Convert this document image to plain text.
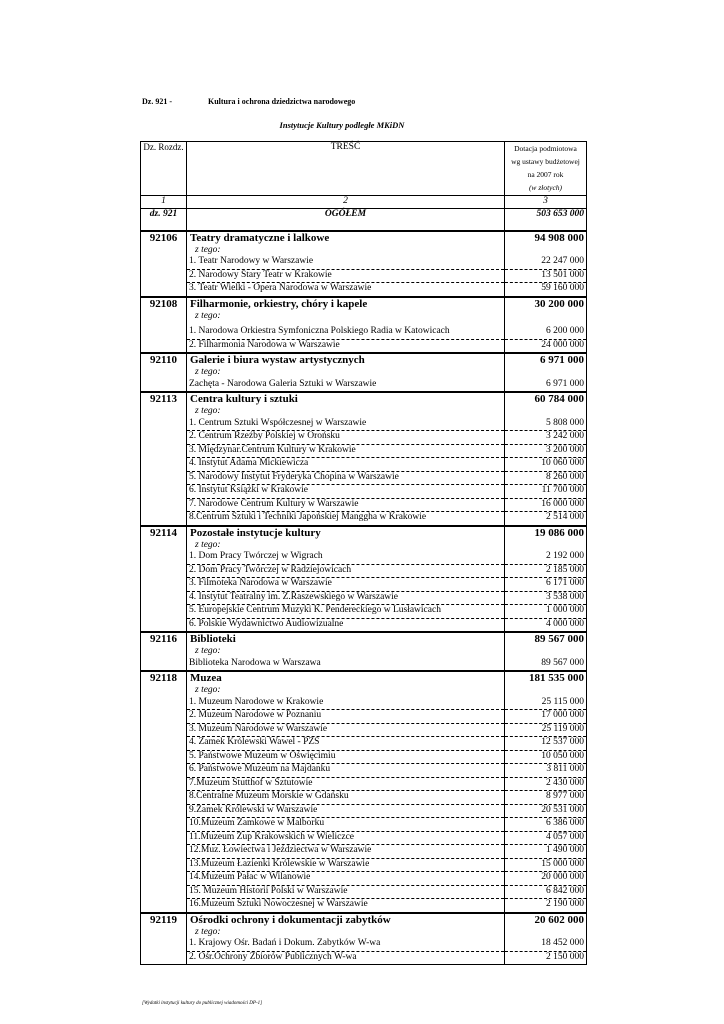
Dz. 921 -	Kultura i ochrona dziedzictwa narodowego
Instytucje Kultury podległe MKiDN
Dz. Rozdz.	TREŚĆ	Dotacja podmiotowa
wg ustawy budżetowej
na 2007 rok
(w złotych)

1	2	3
dz. 921	OGÓŁEM	503 653 000
92106	Teatry dramatyczne i lalkowe	94 908 000
	z tego:	
	1. Teatr Narodowy w Warszawie	22 247 000
	2. Narodowy Stary Teatr w Krakowie	13 501 000
	3. Teatr Wielki - Opera Narodowa w Warszawie	59 160 000
92108	Filharmonie, orkiestry, chóry i kapele	30 200 000
	z tego:	

	1. Narodowa Orkiestra Symfoniczna Polskiego Radia w Katowicach	6 200 000
	2. Filharmonia Narodowa w Warszawie	24 000 000
92110	Galerie i biura wystaw artystycznych	6 971 000
	z tego:	
	Zachęta - Narodowa Galeria Sztuki w Warszawie	6 971 000
92113	Centra kultury i sztuki	60 784 000
	z tego:	
	1. Centrum Sztuki Współczesnej w Warszawie	5 808 000
	2. Centrum Rzeźby Polskiej w Orońsku	3 242 000
	3. Międzynar.Centrum Kultury w Krakowie	3 200 000
	4. Instytut Adama Mickiewicza	10 060 000
	5. Narodowy Instytut Fryderyka Chopina w Warszawie	8 260 000
	6. Instytut Książki w Krakowie	11 700 000
	7. Narodowe Centrum Kultury w Warszawie	16 000 000
	8.Centrum Sztuki i Techniki Japońskiej Manggha w Krakowie	2 514 000
92114	Pozostałe instytucje kultury	19 086 000
	z tego:	
	1. Dom Pracy Twórczej w Wigrach	2 192 000
	2. Dom Pracy Twórczej w Radziejowicach	2 185 000
	3. Filmoteka Narodowa w Warszawie	6 171 000
	4. Instytut Teatralny im. Z.Raszewskiego w Warszawie	3 538 000
	5. Europejskie Centrum Muzyki K. Pendereckiego w Lusławicach	1 000 000
	6. Polskie Wydawnictwo Audiowizualne	4 000 000
92116	Biblioteki	89 567 000
	z tego:	
	Biblioteka Narodowa w Warszawa	89 567 000
92118	Muzea	181 535 000
	z tego:	
	1. Muzeum Narodowe w Krakowie	25 115 000
	2. Muzeum Narodowe w Poznaniu	17 000 000
	3. Muzeum Narodowe w Warszawie	25 119 000
	4. Zamek Królewski Wawel - PZS	12 537 000
	5. Państwowe Muzeum w Oświęcimiu	10 050 000
	6. Państwowe Muzeum na Majdanku	3 811 000
	7.Muzeum Stutthof w Sztutowie	2 430 000
	8.Centralne Muzeum Morskie w Gdańsku	8 977 000
	9.Zamek Królewski w Warszawie	20 531 000
	10.Muzeum Zamkowe w Malborku	6 386 000
	11.Muzeum Żup Krakowskich w Wieliczce	4 057 000
	12.Muz. Łowiectwa i Jeździectwa w Warszawie	1 490 000
	13.Muzeum Łazienki Królewskie w Warszawie	15 000 000
	14.Muzeum Pałac w Wilanowie	20 000 000
	15. Muzeum Historii Polski w Warszawie	6 842 000
	16.Muzeum Sztuki Nowoczesnej w Warszawie	2 190 000
92119	Ośrodki ochrony i dokumentacji zabytków	20 602 000
	z tego:	
	1. Krajowy Ośr. Badań i Dokum. Zabytków W-wa	18 452 000
	2. Ośr.Ochrony Zbiorów Publicznych W-wa	2 150 000
[Wydatki instytucji kultury do publicznej wiadomości DP-1]
